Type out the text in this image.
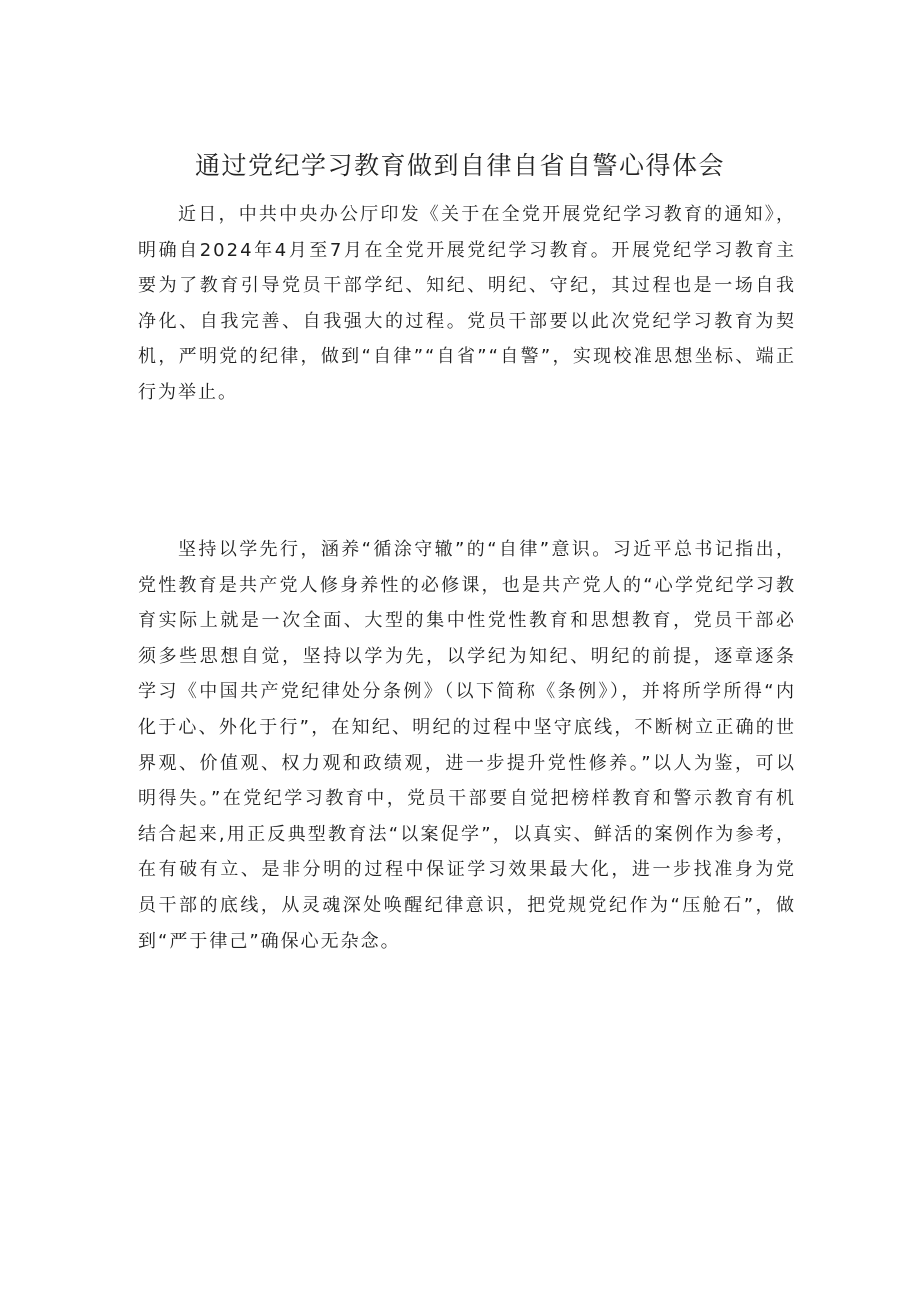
通过党纪学习教育做到自律自省自警心得体会

近日，中共中央办公厅印发《关于在全党开展党纪学习教育的通知》，明确自2024年4月至7月在全党开展党纪学习教育。开展党纪学习教育主要为了教育引导党员干部学纪、知纪、明纪、守纪，其过程也是一场自我净化、自我完善、自我强大的过程。党员干部要以此次党纪学习教育为契机，严明党的纪律，做到“自律”“自省”“自警”，实现校准思想坐标、端正行为举止。

坚持以学先行，涵养“循涂守辙”的“自律”意识。习近平总书记指出，党性教育是共产党人修身养性的必修课，也是共产党人的“心学党纪学习教育实际上就是一次全面、大型的集中性党性教育和思想教育，党员干部必须多些思想自觉，坚持以学为先，以学纪为知纪、明纪的前提，逐章逐条学习《中国共产党纪律处分条例》（以下简称《条例》），并将所学所得“内化于心、外化于行”，在知纪、明纪的过程中坚守底线，不断树立正确的世界观、价值观、权力观和政绩观，进一步提升党性修养。”以人为鉴，可以明得失。”在党纪学习教育中，党员干部要自觉把榜样教育和警示教育有机结合起来,用正反典型教育法“以案促学”，以真实、鲜活的案例作为参考，在有破有立、是非分明的过程中保证学习效果最大化，进一步找准身为党员干部的底线，从灵魂深处唤醒纪律意识，把党规党纪作为“压舱石”，做到“严于律己”确保心无杂念。
